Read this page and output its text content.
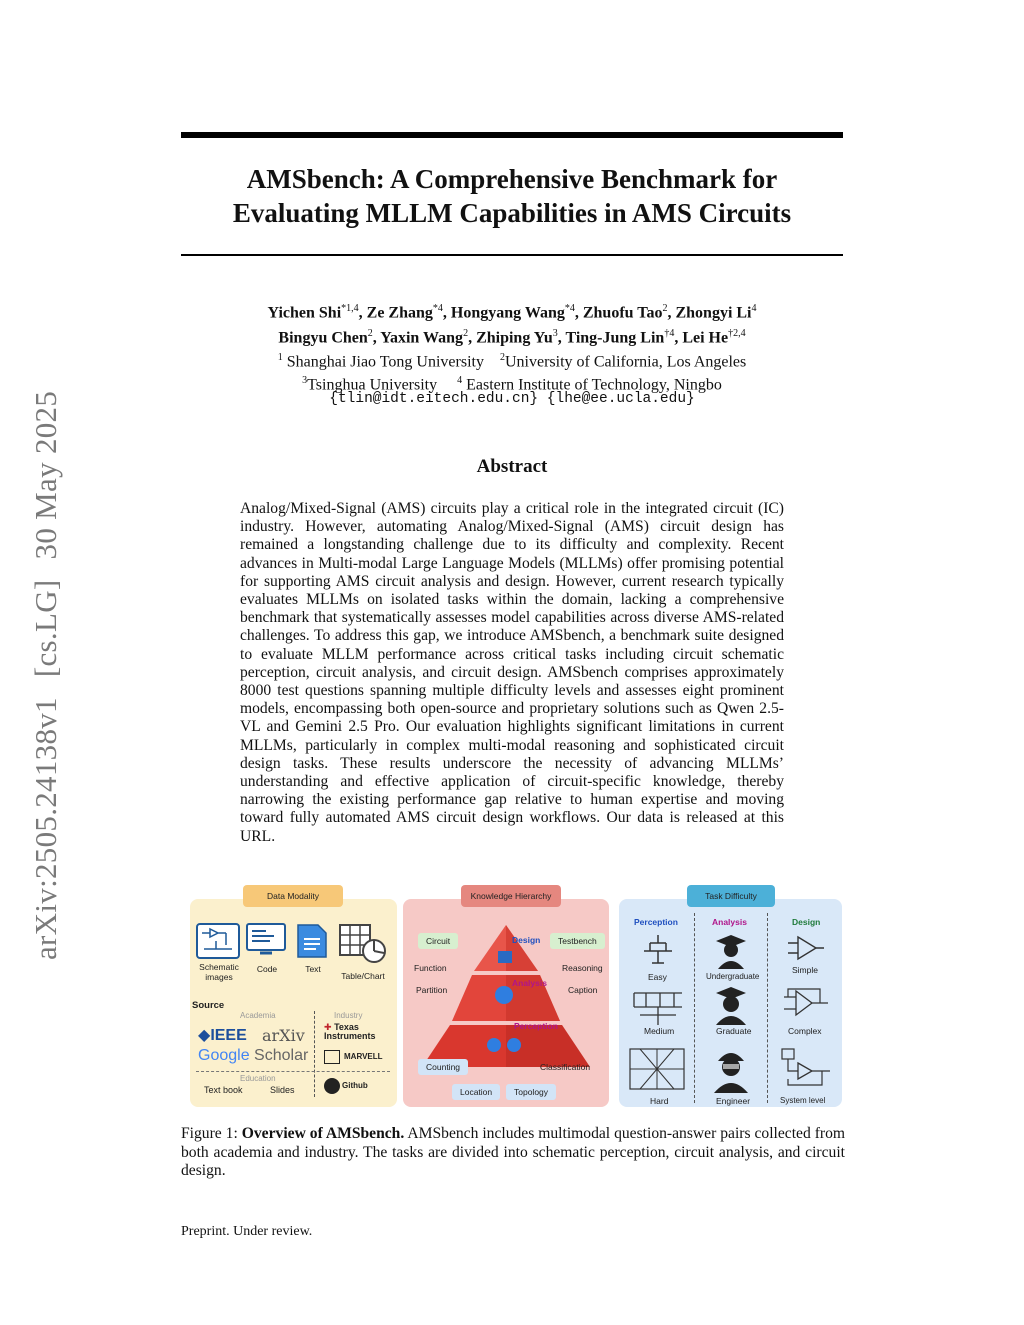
arXiv:2505.24138v1[cs.LG]30 May 2025
AMSbench: A Comprehensive Benchmark for
Evaluating MLLM Capabilities in AMS Circuits
Yichen Shi$^{*1,4}$, Ze Zhang$^{*4}$, Hongyang Wang$^{*4}$, Zhuofu Tao$^2$, Zhongyi Li$^4$
Bingyu Chen$^2$, Yaxin Wang$^2$, Zhiping Yu$^3$, Ting-Jung Lin$^{\dagger 4}$, Lei He$^{\dagger 2,4}$
$^1$ Shanghai Jiao Tong University $^2$University of California, Los Angeles
$^3$Tsinghua University $^4$ Eastern Institute of Technology, Ningbo
{tlin@idt.eitech.edu.cn} {lhe@ee.ucla.edu}
Abstract
Analog/Mixed-Signal (AMS) circuits play a critical role in the integrated circuit (IC) industry. However, automating Analog/Mixed-Signal (AMS) circuit design has remained a longstanding challenge due to its difficulty and complexity. Recent advances in Multi-modal Large Language Models (MLLMs) offer promising potential for supporting AMS circuit analysis and design. However, current research typically evaluates MLLMs on isolated tasks within the domain, lacking a comprehensive benchmark that systematically assesses model capabilities across diverse AMS-related challenges. To address this gap, we introduce AMSbench, a benchmark suite designed to evaluate MLLM performance across critical tasks including circuit schematic perception, circuit analysis, and circuit design. AMSbench comprises approximately 8000 test questions spanning multiple difficulty levels and assesses eight prominent models, encompassing both open-source and proprietary solutions such as Qwen 2.5-VL and Gemini 2.5 Pro. Our evaluation highlights significant limitations in current MLLMs, particularly in complex multi-modal reasoning and sophisticated circuit design tasks. These results underscore the necessity of advancing MLLMs’ understanding and effective application of circuit-specific knowledge, thereby narrowing the existing performance gap relative to human expertise and moving toward fully automated AMS circuit design workflows. Our data is released at this URL.
Data Modality
Schematic images
Code	Text
Table/Chart
Source
Academia	Industry
◆IEEE arXiv
Google Scholar
✚ Texas
Instruments
MARVELL
Education
Text book	Slides	Github
Knowledge Hierarchy
Design
Analysis
Perception
Circuit	Testbench
Function	Reasoning
Partition	Caption
Counting	Classification
Location	Topology
Task Difficulty
Perception	Analysis	Design
Easy
Medium
Hard
Undergraduate
Graduate
Engineer
Simple
Complex
System level
Figure 1: Overview of AMSbench. AMSbench includes multimodal question-answer pairs collected from both academia and industry. The tasks are divided into schematic perception, circuit analysis, and circuit design.
Preprint. Under review.
